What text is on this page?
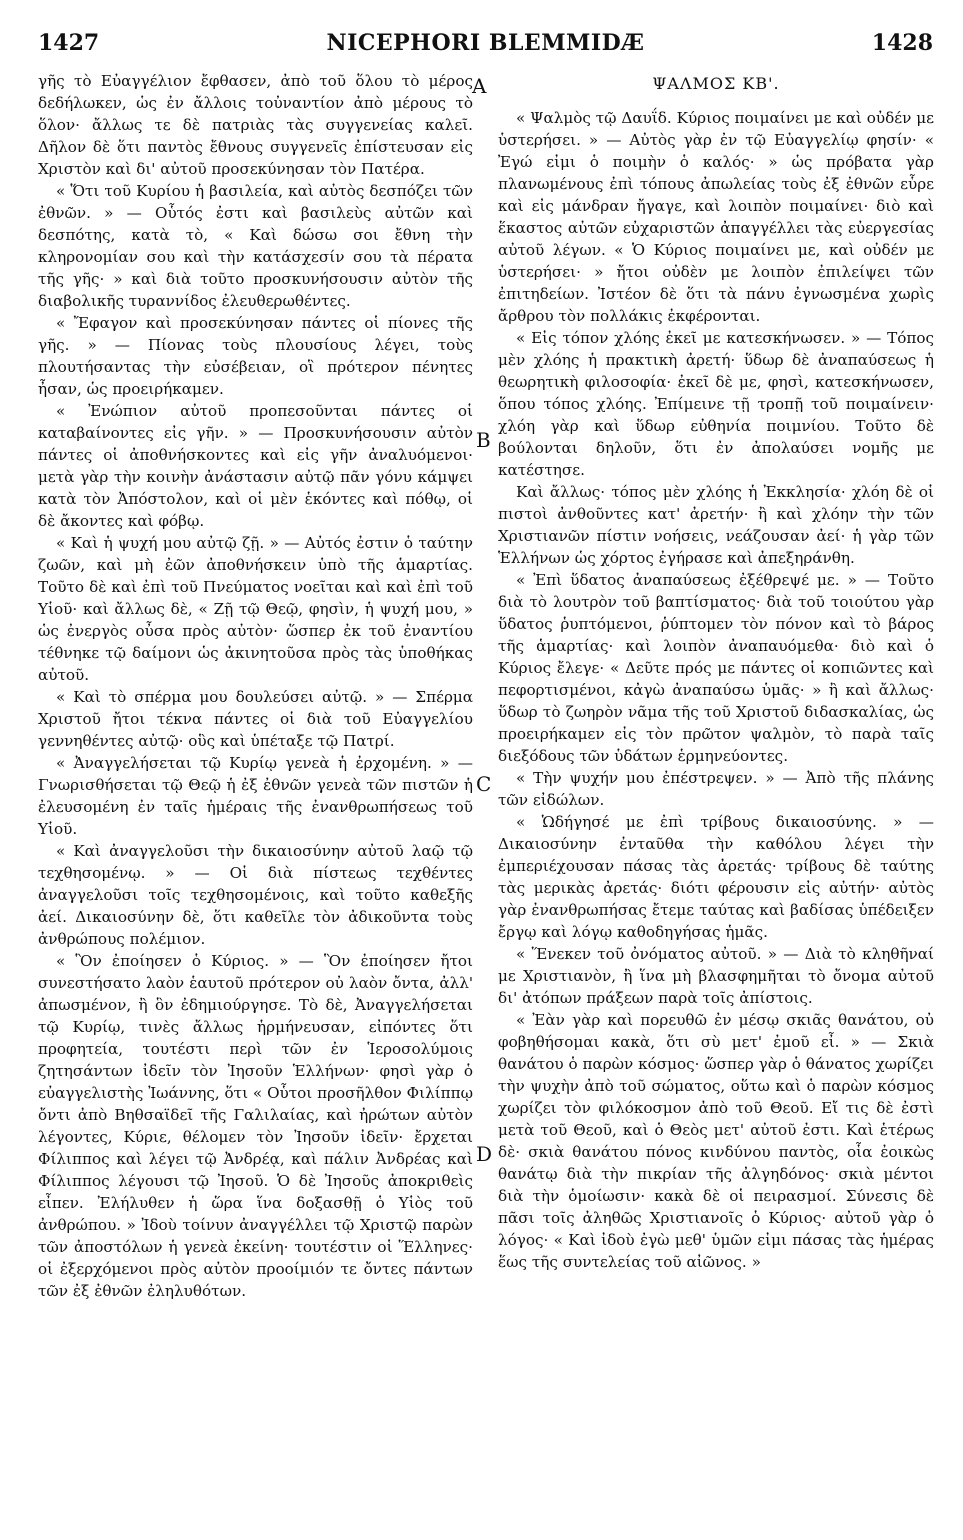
1427	NICEPHORI BLEMMIDÆ	1428
A
B
C
D

γῆς τὸ Εὐαγγέλιον ἔφθασεν, ἀπὸ τοῦ ὅλου τὸ μέρος δεδήλωκεν, ὡς ἐν ἄλλοις τοὐναντίον ἀπὸ μέρους τὸ ὅλον· ἄλλως τε δὲ πατριὰς τὰς συγγενείας καλεῖ. Δῆλον δὲ ὅτι παντὸς ἔθνους συγγενεῖς ἐπίστευσαν εἰς Χριστὸν καὶ δι' αὐτοῦ προσεκύνησαν τὸν Πατέρα.

« Ὅτι τοῦ Κυρίου ἡ βασιλεία, καὶ αὐτὸς δεσπόζει τῶν ἐθνῶν. » — Οὗτός ἐστι καὶ βασιλεὺς αὐτῶν καὶ δεσπότης, κατὰ τὸ, « Καὶ δώσω σοι ἔθνη τὴν κληρονομίαν σου καὶ τὴν κατάσχεσίν σου τὰ πέρατα τῆς γῆς· » καὶ διὰ τοῦτο προσκυνήσουσιν αὐτὸν τῆς διαβολικῆς τυραννίδος ἐλευθερωθέντες.

« Ἔφαγον καὶ προσεκύνησαν πάντες οἱ πίονες τῆς γῆς. » — Πίονας τοὺς πλουσίους λέγει, τοὺς πλουτήσαντας τὴν εὐσέβειαν, οἳ πρότερον πένητες ἦσαν, ὡς προειρήκαμεν.

« Ἐνώπιον αὐτοῦ προπεσοῦνται πάντες οἱ καταβαίνοντες εἰς γῆν. » — Προσκυνήσουσιν αὐτὸν πάντες οἱ ἀποθνήσκοντες καὶ εἰς γῆν ἀναλυόμενοι· μετὰ γὰρ τὴν κοινὴν ἀνάστασιν αὐτῷ πᾶν γόνυ κάμψει κατὰ τὸν Ἀπόστολον, καὶ οἱ μὲν ἑκόντες καὶ πόθῳ, οἱ δὲ ἄκοντες καὶ φόβῳ.

« Καὶ ἡ ψυχή μου αὐτῷ ζῇ. » — Αὐτός ἐστιν ὁ ταύτην ζωῶν, καὶ μὴ ἐῶν ἀποθνήσκειν ὑπὸ τῆς ἁμαρτίας. Τοῦτο δὲ καὶ ἐπὶ τοῦ Πνεύματος νοεῖται καὶ καὶ ἐπὶ τοῦ Υἱοῦ· καὶ ἄλλως δὲ, « Ζῇ τῷ Θεῷ, φησὶν, ἡ ψυχή μου, » ὡς ἐνεργὸς οὖσα πρὸς αὐτὸν· ὥσπερ ἐκ τοῦ ἐναντίου τέθνηκε τῷ δαίμονι ὡς ἀκινητοῦσα πρὸς τὰς ὑποθήκας αὐτοῦ.

« Καὶ τὸ σπέρμα μου δουλεύσει αὐτῷ. » — Σπέρμα Χριστοῦ ἤτοι τέκνα πάντες οἱ διὰ τοῦ Εὐαγγελίου γεννηθέντες αὐτῷ· οὓς καὶ ὑπέταξε τῷ Πατρί.

« Ἀναγγελήσεται τῷ Κυρίῳ γενεὰ ἡ ἐρχομένη. » — Γνωρισθήσεται τῷ Θεῷ ἡ ἐξ ἐθνῶν γενεὰ τῶν πιστῶν ἡ ἐλευσομένη ἐν ταῖς ἡμέραις τῆς ἐνανθρωπήσεως τοῦ Υἱοῦ.

« Καὶ ἀναγγελοῦσι τὴν δικαιοσύνην αὐτοῦ λαῷ τῷ τεχθησομένῳ. » — Οἱ διὰ πίστεως τεχθέντες ἀναγγελοῦσι τοῖς τεχθησομένοις, καὶ τοῦτο καθεξῆς ἀεί. Δικαιοσύνην δὲ, ὅτι καθεῖλε τὸν ἀδικοῦντα τοὺς ἀνθρώπους πολέμιον.

« Ὃν ἐποίησεν ὁ Κύριος. » — Ὃν ἐποίησεν ἤτοι συνεστήσατο λαὸν ἑαυτοῦ πρότερον οὐ λαὸν ὄντα, ἀλλ' ἀπωσμένον, ἢ ὃν ἐδημιούργησε. Τὸ δὲ, Ἀναγγελήσεται τῷ Κυρίῳ, τινὲς ἄλλως ἡρμήνευσαν, εἰπόντες ὅτι προφητεία, τουτέστι περὶ τῶν ἐν Ἱεροσολύμοις ζητησάντων ἰδεῖν τὸν Ἰησοῦν Ἑλλήνων· φησὶ γὰρ ὁ εὐαγγελιστὴς Ἰωάννης, ὅτι « Οὗτοι προσῆλθον Φιλίππῳ ὄντι ἀπὸ Βηθσαϊδεῖ τῆς Γαλιλαίας, καὶ ἠρώτων αὐτὸν λέγοντες, Κύριε, θέλομεν τὸν Ἰησοῦν ἰδεῖν· ἔρχεται Φίλιππος καὶ λέγει τῷ Ἀνδρέᾳ, καὶ πάλιν Ἀνδρέας καὶ Φίλιππος λέγουσι τῷ Ἰησοῦ. Ὁ δὲ Ἰησοῦς ἀποκριθεὶς εἶπεν. Ἐλήλυθεν ἡ ὥρα ἵνα δοξασθῇ ὁ Υἱὸς τοῦ ἀνθρώπου. » Ἰδοὺ τοίνυν ἀναγγέλλει τῷ Χριστῷ παρὼν τῶν ἀποστόλων ἡ γενεὰ ἐκείνη· τουτέστιν οἱ Ἕλληνες· οἱ ἐξερχόμενοι πρὸς αὐτὸν προοίμιόν τε ὄντες πάντων τῶν ἐξ ἐθνῶν ἐληλυθότων.

ΨΑΛΜΟΣ ΚΒ'.

« Ψαλμὸς τῷ Δαυΐδ. Κύριος ποιμαίνει με καὶ οὐδέν με ὑστερήσει. » — Αὐτὸς γὰρ ἐν τῷ Εὐαγγελίῳ φησίν· « Ἐγώ εἰμι ὁ ποιμὴν ὁ καλός· » ὡς πρόβατα γὰρ πλανωμένους ἐπὶ τόπους ἀπωλείας τοὺς ἐξ ἐθνῶν εὗρε καὶ εἰς μάνδραν ἤγαγε, καὶ λοιπὸν ποιμαίνει· διὸ καὶ ἕκαστος αὐτῶν εὐχαριστῶν ἀπαγγέλλει τὰς εὐεργεσίας αὐτοῦ λέγων. « Ὁ Κύριος ποιμαίνει με, καὶ οὐδέν με ὑστερήσει· » ἤτοι οὐδὲν με λοιπὸν ἐπιλείψει τῶν ἐπιτηδείων. Ἰστέον δὲ ὅτι τὰ πάνυ ἐγνωσμένα χωρὶς ἄρθρου τὸν πολλάκις ἐκφέρονται.

« Εἰς τόπον χλόης ἐκεῖ με κατεσκήνωσεν. » — Τόπος μὲν χλόης ἡ πρακτικὴ ἀρετή· ὕδωρ δὲ ἀναπαύσεως ἡ θεωρητικὴ φιλοσοφία· ἐκεῖ δὲ με, φησὶ, κατεσκήνωσεν, ὅπου τόπος χλόης. Ἐπίμεινε τῇ τροπῇ τοῦ ποιμαίνειν· χλόη γὰρ καὶ ὕδωρ εὐθηνία ποιμνίου. Τοῦτο δὲ βούλονται δηλοῦν, ὅτι ἐν ἀπολαύσει νομῆς με κατέστησε.

Καὶ ἄλλως· τόπος μὲν χλόης ἡ Ἐκκλησία· χλόη δὲ οἱ πιστοὶ ἀνθοῦντες κατ' ἀρετήν· ἢ καὶ χλόην τὴν τῶν Χριστιανῶν πίστιν νοήσεις, νεάζουσαν ἀεί· ἡ γὰρ τῶν Ἑλλήνων ὡς χόρτος ἐγήρασε καὶ ἀπεξηράνθη.

« Ἐπὶ ὕδατος ἀναπαύσεως ἐξέθρεψέ με. » — Τοῦτο διὰ τὸ λουτρὸν τοῦ βαπτίσματος· διὰ τοῦ τοιούτου γὰρ ὕδατος ῥυπτόμενοι, ῥύπτομεν τὸν πόνον καὶ τὸ βάρος τῆς ἁμαρτίας· καὶ λοιπὸν ἀναπαυόμεθα· διὸ καὶ ὁ Κύριος ἔλεγε· « Δεῦτε πρός με πάντες οἱ κοπιῶντες καὶ πεφορτισμένοι, κἀγὼ ἀναπαύσω ὑμᾶς· » ἢ καὶ ἄλλως· ὕδωρ τὸ ζωηρὸν νᾶμα τῆς τοῦ Χριστοῦ διδασκαλίας, ὡς προειρήκαμεν εἰς τὸν πρῶτον ψαλμὸν, τὸ παρὰ ταῖς διεξόδους τῶν ὑδάτων ἑρμηνεύοντες.

« Τὴν ψυχήν μου ἐπέστρεψεν. » — Ἀπὸ τῆς πλάνης τῶν εἰδώλων.

« Ὡδήγησέ με ἐπὶ τρίβους δικαιοσύνης. » — Δικαιοσύνην ἐνταῦθα τὴν καθόλου λέγει τὴν ἐμπεριέχουσαν πάσας τὰς ἀρετάς· τρίβους δὲ ταύτης τὰς μερικὰς ἀρετάς· διότι φέρουσιν εἰς αὐτήν· αὐτὸς γὰρ ἐνανθρωπήσας ἔτεμε ταύτας καὶ βαδίσας ὑπέδειξεν ἔργῳ καὶ λόγῳ καθοδηγήσας ἡμᾶς.

« Ἕνεκεν τοῦ ὀνόματος αὐτοῦ. » — Διὰ τὸ κληθῆναί με Χριστιανὸν, ἢ ἵνα μὴ βλασφημῆται τὸ ὄνομα αὐτοῦ δι' ἀτόπων πράξεων παρὰ τοῖς ἀπίστοις.

« Ἐὰν γὰρ καὶ πορευθῶ ἐν μέσῳ σκιᾶς θανάτου, οὐ φοβηθήσομαι κακὰ, ὅτι σὺ μετ' ἐμοῦ εἶ. » — Σκιὰ θανάτου ὁ παρὼν κόσμος· ὥσπερ γὰρ ὁ θάνατος χωρίζει τὴν ψυχὴν ἀπὸ τοῦ σώματος, οὕτω καὶ ὁ παρὼν κόσμος χωρίζει τὸν φιλόκοσμον ἀπὸ τοῦ Θεοῦ. Εἴ τις δὲ ἐστὶ μετὰ τοῦ Θεοῦ, καὶ ὁ Θεὸς μετ' αὐτοῦ ἐστι. Καὶ ἑτέρως δὲ· σκιὰ θανάτου πόνος κινδύνου παντὸς, οἷα ἐοικὼς θανάτῳ διὰ τὴν πικρίαν τῆς ἀλγηδόνος· σκιὰ μέντοι διὰ τὴν ὁμοίωσιν· κακὰ δὲ οἱ πειρασμοί. Σύνεσις δὲ πᾶσι τοῖς ἀληθῶς Χριστιανοῖς ὁ Κύριος· αὐτοῦ γὰρ ὁ λόγος· « Καὶ ἰδοὺ ἐγὼ μεθ' ὑμῶν εἰμι πάσας τὰς ἡμέρας ἕως τῆς συντελείας τοῦ αἰῶνος. »
